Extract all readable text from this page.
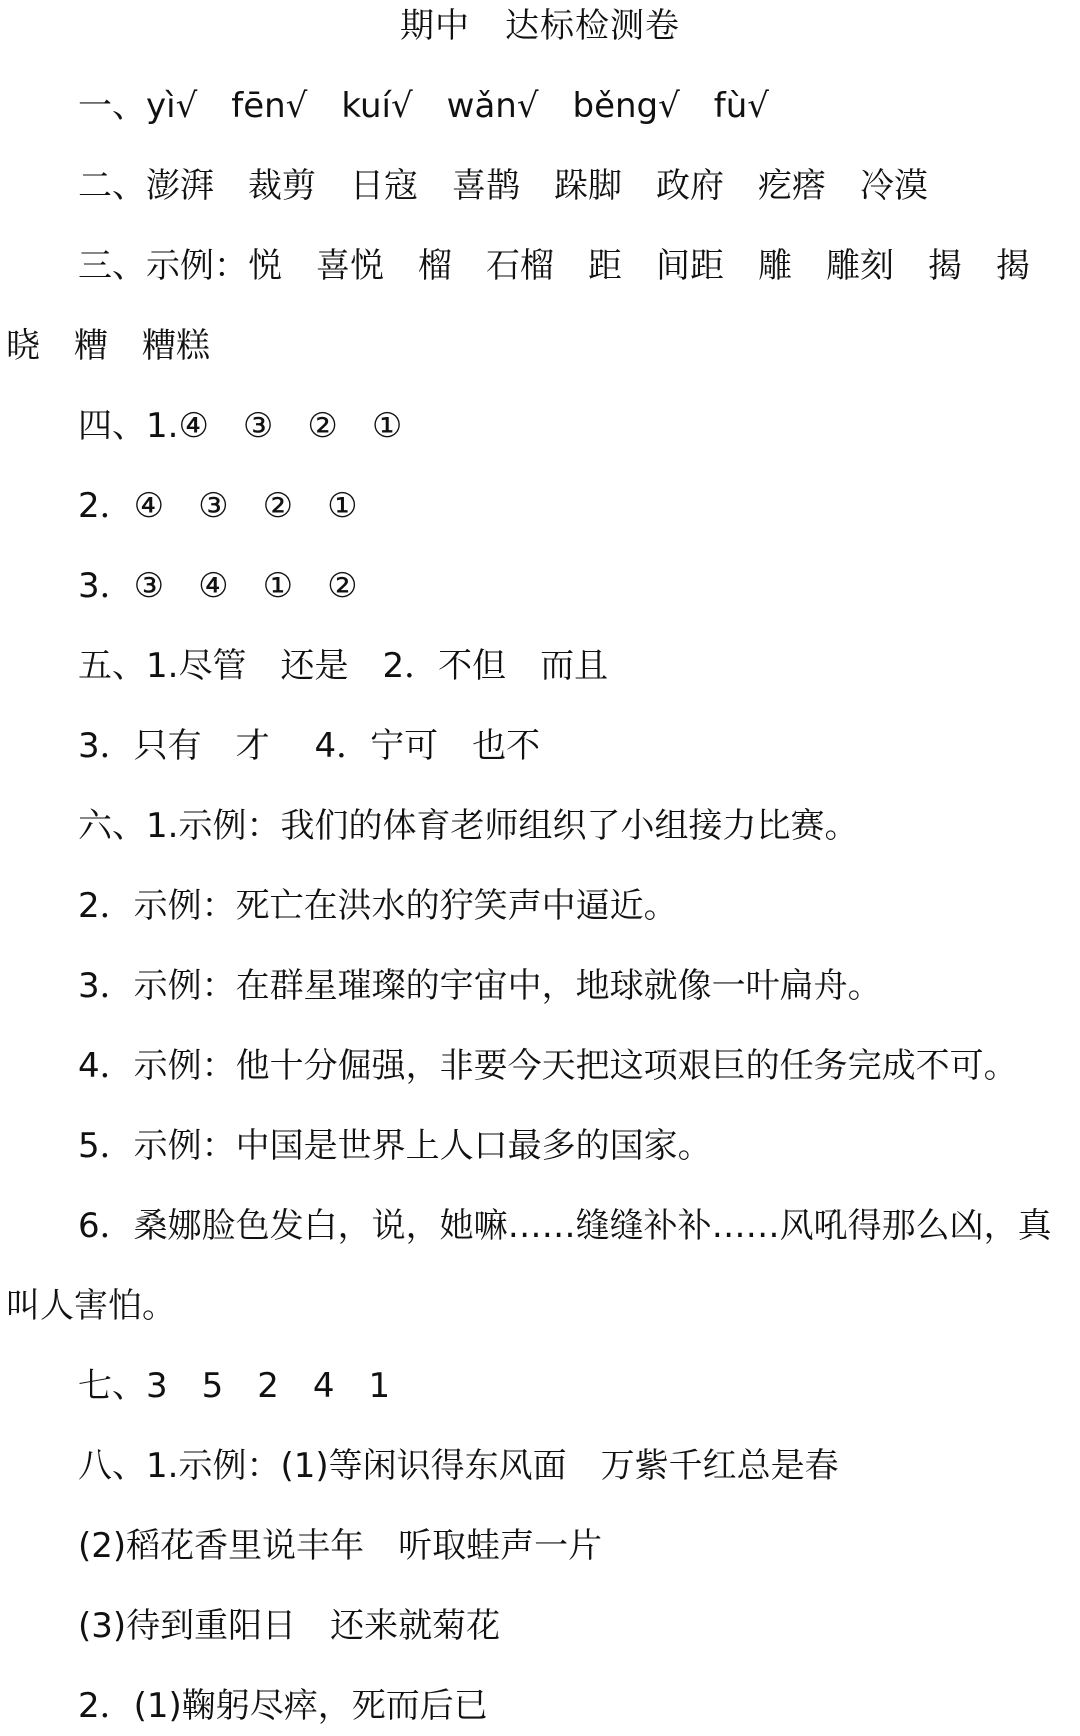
期中　达标检测卷
一、yì√　fēn√　kuí√　wǎn√　běng√　fù√
二、澎湃　裁剪　日寇　喜鹊　跺脚　政府　疙瘩　冷漠
三、示例：悦　喜悦　榴　石榴　距　间距　雕　雕刻　揭　揭
晓　糟　糟糕
四、1.④　③　②　①
2．④　③　②　①
3．③　④　①　②
五、1.尽管　还是　2．不但　而且
3．只有　才　 4．宁可　也不
六、1.示例：我们的体育老师组织了小组接力比赛。
2．示例：死亡在洪水的狞笑声中逼近。
3．示例：在群星璀璨的宇宙中，地球就像一叶扁舟。
4．示例：他十分倔强，非要今天把这项艰巨的任务完成不可。
5．示例：中国是世界上人口最多的国家。
6．桑娜脸色发白，说，她嘛……缝缝补补……风吼得那么凶，真
叫人害怕。
七、3　5　2　4　1
八、1.示例：(1)等闲识得东风面　万紫千红总是春
(2)稻花香里说丰年　听取蛙声一片
(3)待到重阳日　还来就菊花
2．(1)鞠躬尽瘁，死而后已
